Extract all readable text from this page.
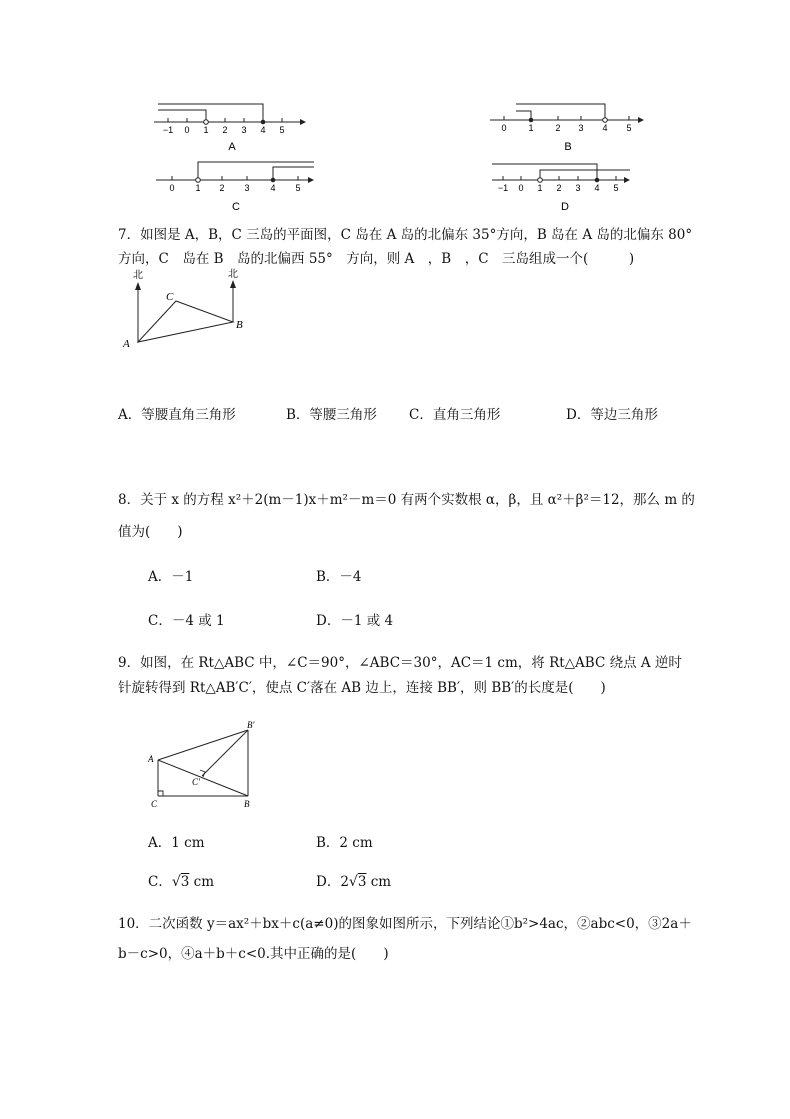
−1 0 1 2 3 4 5
A
0 1 2 3 4 5
B
0 1 2 3 4 5
C
−1 0 1 2 3 4 5
D
7．如图是 A，B，C 三岛的平面图，C 岛在 A 岛的北偏东 35°方向，B 岛在 A 岛的北偏东 80°
方向，C　岛在 B　岛的北偏西 55°　方向，则 A　，B　，C　三岛组成一个(　　　)
北	北
A
C
B
A．等腰直角三角形	B．等腰三角形 C．直角三角形	D．等边三角形
8．关于 x 的方程 x²＋2(m－1)x＋m²－m＝0 有两个实数根 α，β，且 α²＋β²＝12，那么 m 的
值为(　　)
A．－1	B．－4
C．－4 或 1	D．－1 或 4
9．如图，在 Rt△ABC 中，∠C＝90°，∠ABC＝30°，AC＝1 cm，将 Rt△ABC 绕点 A 逆时
针旋转得到 Rt△AB′C′，使点 C′落在 AB 边上，连接 BB′，则 BB′的长度是(　　)
A
C	B
B′
C′
A．1 cm	B．2 cm
C．√3 cm	D．2√3 cm
10．二次函数 y＝ax²＋bx＋c(a≠0)的图象如图所示，下列结论①b²>4ac，②abc<0，③2a＋
b－c>0，④a＋b＋c<0.其中正确的是(　　)
